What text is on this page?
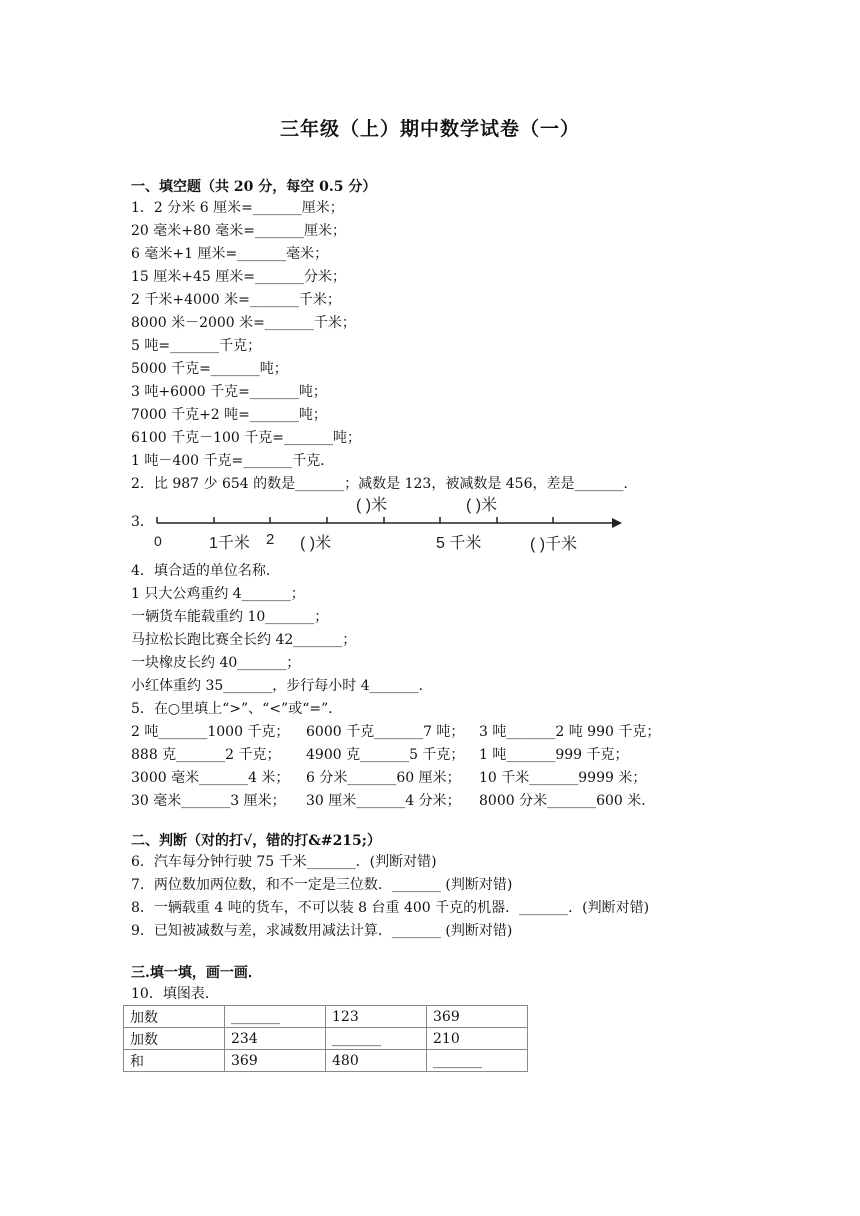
三年级（上）期中数学试卷（一）
一、填空题（共 20 分，每空 0.5 分）
1．2 分米 6 厘米=_______厘米；
20 毫米+80 毫米=_______厘米；
6 毫米+1 厘米=_______毫米；
15 厘米+45 厘米=_______分米；
2 千米+4000 米=_______千米；
8000 米－2000 米=_______千米；
5 吨=_______千克；
5000 千克=_______吨；
3 吨+6000 千克=_______吨；
7000 千克+2 吨=_______吨；
6100 千克－100 千克=_______吨；
1 吨－400 千克=_______千克．
2．比 987 少 654 的数是_______；减数是 123，被减数是 456，差是_______．
3．
0	1千米 2 ( )米	5 千米	( )千米
( )米	( )米
4．填合适的单位名称．
1 只大公鸡重约 4_______；
一辆货车能载重约 10_______；
马拉松长跑比赛全长约 42_______；
一块橡皮长约 40_______；
小红体重约 35_______，步行每小时 4_______．
5．在○里填上“>”、“<”或“=”．
2 吨_______1000 千克； 6000 千克_______7 吨； 3 吨_______2 吨 990 千克；
888 克_______2 千克； 4900 克_______5 千克； 1 吨_______999 千克；
3000 毫米_______4 米； 6 分米_______60 厘米； 10 千米_______9999 米；
30 毫米_______3 厘米； 30 厘米_______4 分米； 8000 分米_______600 米．
二、判断（对的打√，错的打&#215;）
6．汽车每分钟行驶 75 千米_______．(判断对错)
7．两位数加两位数，和不一定是三位数．_______ (判断对错)
8．一辆载重 4 吨的货车，不可以装 8 台重 400 千克的机器．_______．(判断对错)
9．已知被减数与差，求减数用减法计算．_______ (判断对错)
三.填一填，画一画．
10．填图表．
加数	_______	123	369
加数	234	_______	210
和	369	480	_______
